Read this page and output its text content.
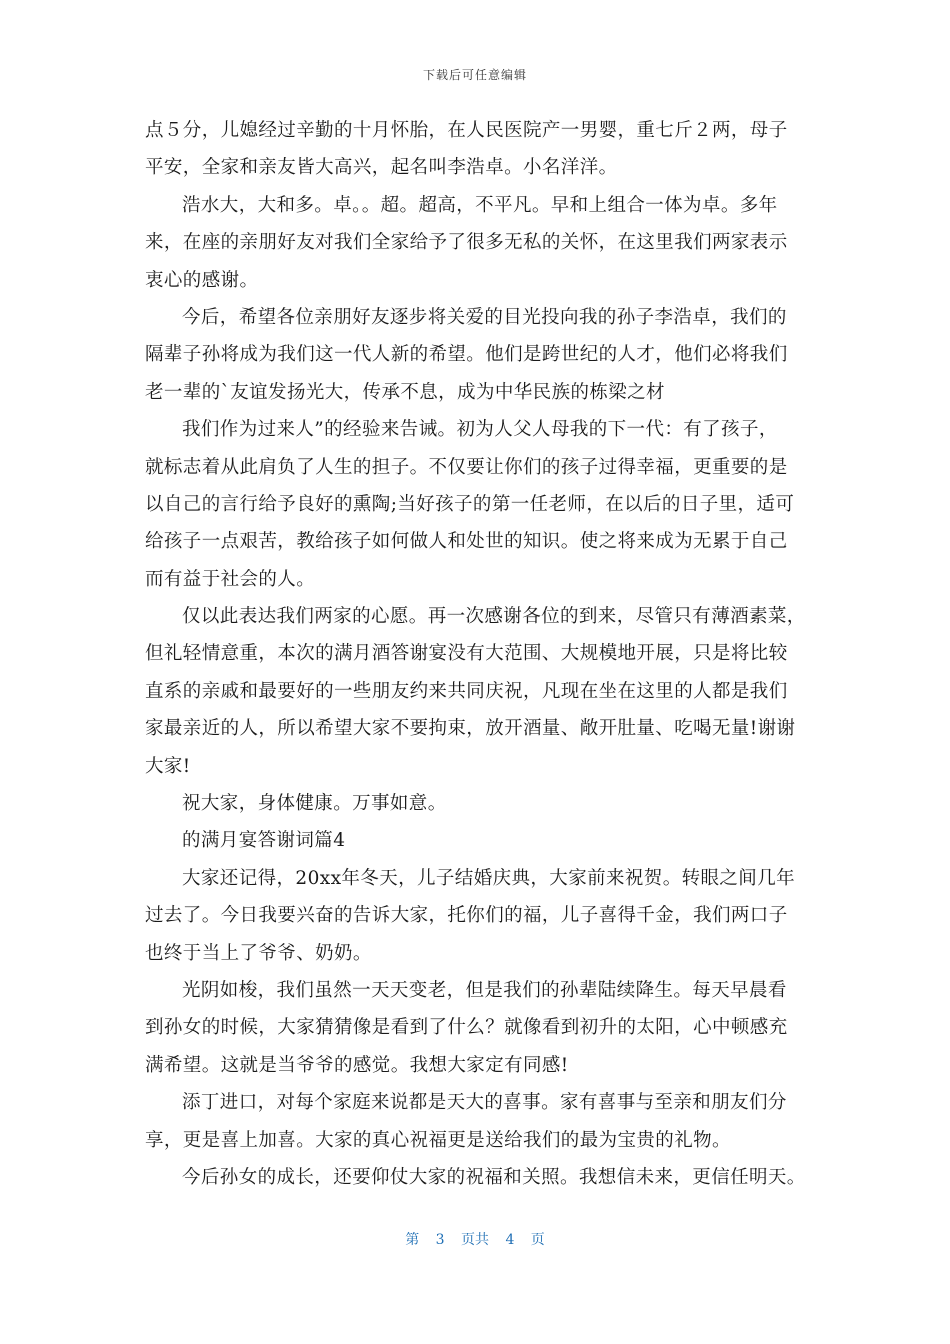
下载后可任意编辑
点５分，儿媳经过辛勤的十月怀胎，在人民医院产一男婴，重七斤２两，母子
平安，全家和亲友皆大高兴，起名叫李浩卓。小名洋洋。
浩水大，大和多。卓。。超。超高，不平凡。早和上组合一体为卓。多年
来，在座的亲朋好友对我们全家给予了很多无私的关怀，在这里我们两家表示
衷心的感谢。
今后，希望各位亲朋好友逐步将关爱的目光投向我的孙子李浩卓，我们的
隔辈子孙将成为我们这一代人新的希望。他们是跨世纪的人才，他们必将我们
老一辈的`友谊发扬光大，传承不息，成为中华民族的栋梁之材
我们作为过来人”的经验来告诫。初为人父人母我的下一代：有了孩子，
就标志着从此肩负了人生的担子。不仅要让你们的孩子过得幸福，更重要的是
以自己的言行给予良好的熏陶;当好孩子的第一任老师，在以后的日子里，适可
给孩子一点艰苦，教给孩子如何做人和处世的知识。使之将来成为无累于自己
而有益于社会的人。
仅以此表达我们两家的心愿。再一次感谢各位的到来，尽管只有薄酒素菜，
但礼轻情意重，本次的满月酒答谢宴没有大范围、大规模地开展，只是将比较
直系的亲戚和最要好的一些朋友约来共同庆祝，凡现在坐在这里的人都是我们
家最亲近的人，所以希望大家不要拘束，放开酒量、敞开肚量、吃喝无量!谢谢
大家!
祝大家，身体健康。万事如意。
的满月宴答谢词篇4
大家还记得，20xx年冬天，儿子结婚庆典，大家前来祝贺。转眼之间几年
过去了。今日我要兴奋的告诉大家，托你们的福，儿子喜得千金，我们两口子
也终于当上了爷爷、奶奶。
光阴如梭，我们虽然一天天变老，但是我们的孙辈陆续降生。每天早晨看
到孙女的时候，大家猜猜像是看到了什么？就像看到初升的太阳，心中顿感充
满希望。这就是当爷爷的感觉。我想大家定有同感!
添丁进口，对每个家庭来说都是天大的喜事。家有喜事与至亲和朋友们分
享，更是喜上加喜。大家的真心祝福更是送给我们的最为宝贵的礼物。
今后孙女的成长，还要仰仗大家的祝福和关照。我想信未来，更信任明天。
第 3 页共 4 页
